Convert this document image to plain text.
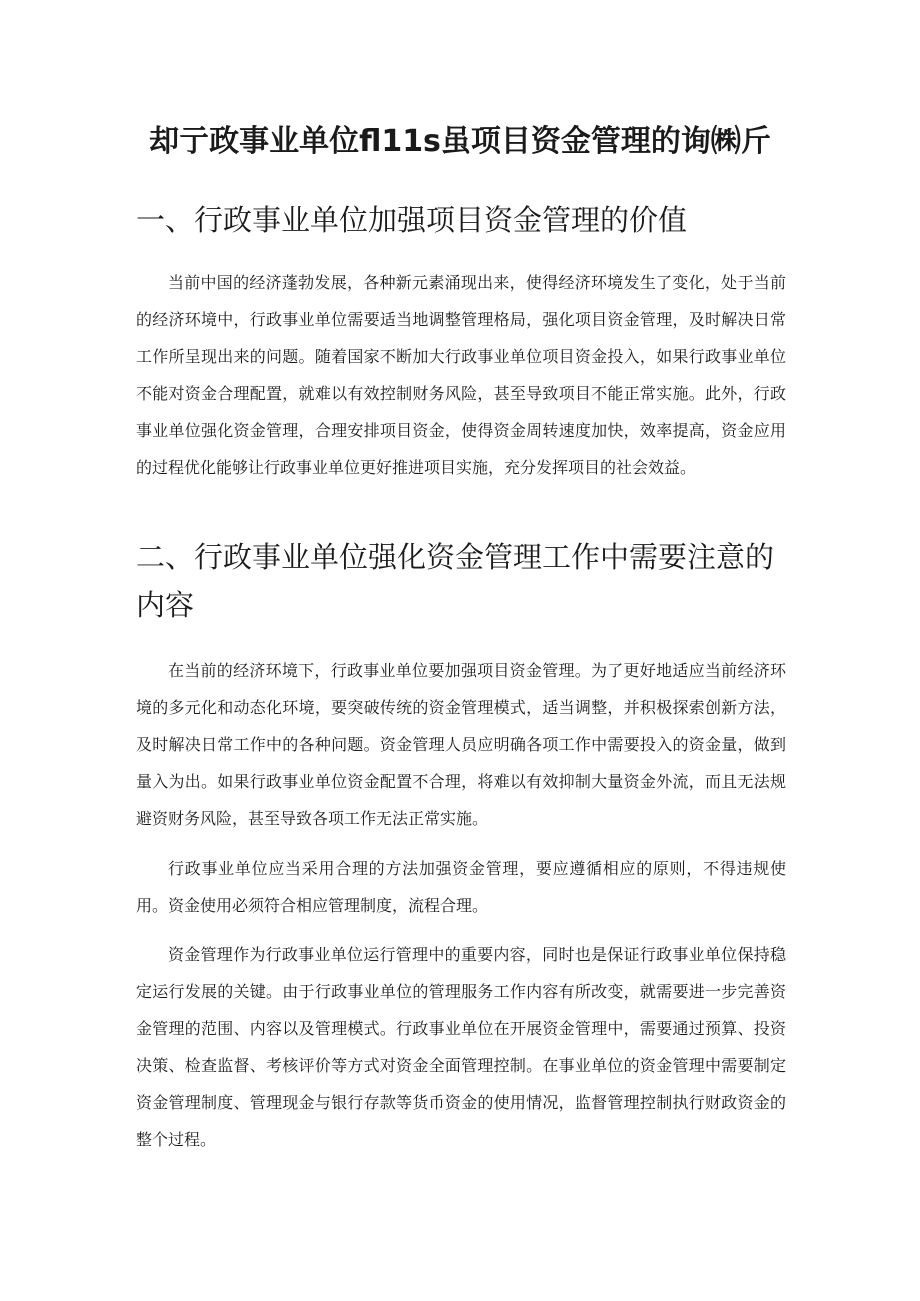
却亍政事业单位fl11s虽项目资金管理的询㈱斤
一、行政事业单位加强项目资金管理的价值

当前中国的经济蓬勃发展，各种新元素涌现出来，使得经济环境发生了变化，处于当前的经济环境中，行政事业单位需要适当地调整管理格局，强化项目资金管理，及时解决日常工作所呈现出来的问题。随着国家不断加大行政事业单位项目资金投入，如果行政事业单位不能对资金合理配置，就难以有效控制财务风险，甚至导致项目不能正常实施。此外，行政事业单位强化资金管理，合理安排项目资金，使得资金周转速度加快，效率提高，资金应用的过程优化能够让行政事业单位更好推进项目实施，充分发挥项目的社会效益。

二、行政事业单位强化资金管理工作中需要注意的内容

在当前的经济环境下，行政事业单位要加强项目资金管理。为了更好地适应当前经济环境的多元化和动态化环境，要突破传统的资金管理模式，适当调整，并积极探索创新方法，及时解决日常工作中的各种问题。资金管理人员应明确各项工作中需要投入的资金量，做到量入为出。如果行政事业单位资金配置不合理，将难以有效抑制大量资金外流，而且无法规避资财务风险，甚至导致各项工作无法正常实施。

行政事业单位应当采用合理的方法加强资金管理，要应遵循相应的原则，不得违规使用。资金使用必须符合相应管理制度，流程合理。

资金管理作为行政事业单位运行管理中的重要内容，同时也是保证行政事业单位保持稳定运行发展的关键。由于行政事业单位的管理服务工作内容有所改变，就需要进一步完善资金管理的范围、内容以及管理模式。行政事业单位在开展资金管理中，需要通过预算、投资决策、检查监督、考核评价等方式对资金全面管理控制。在事业单位的资金管理中需要制定资金管理制度、管理现金与银行存款等货币资金的使用情况，监督管理控制执行财政资金的整个过程。
